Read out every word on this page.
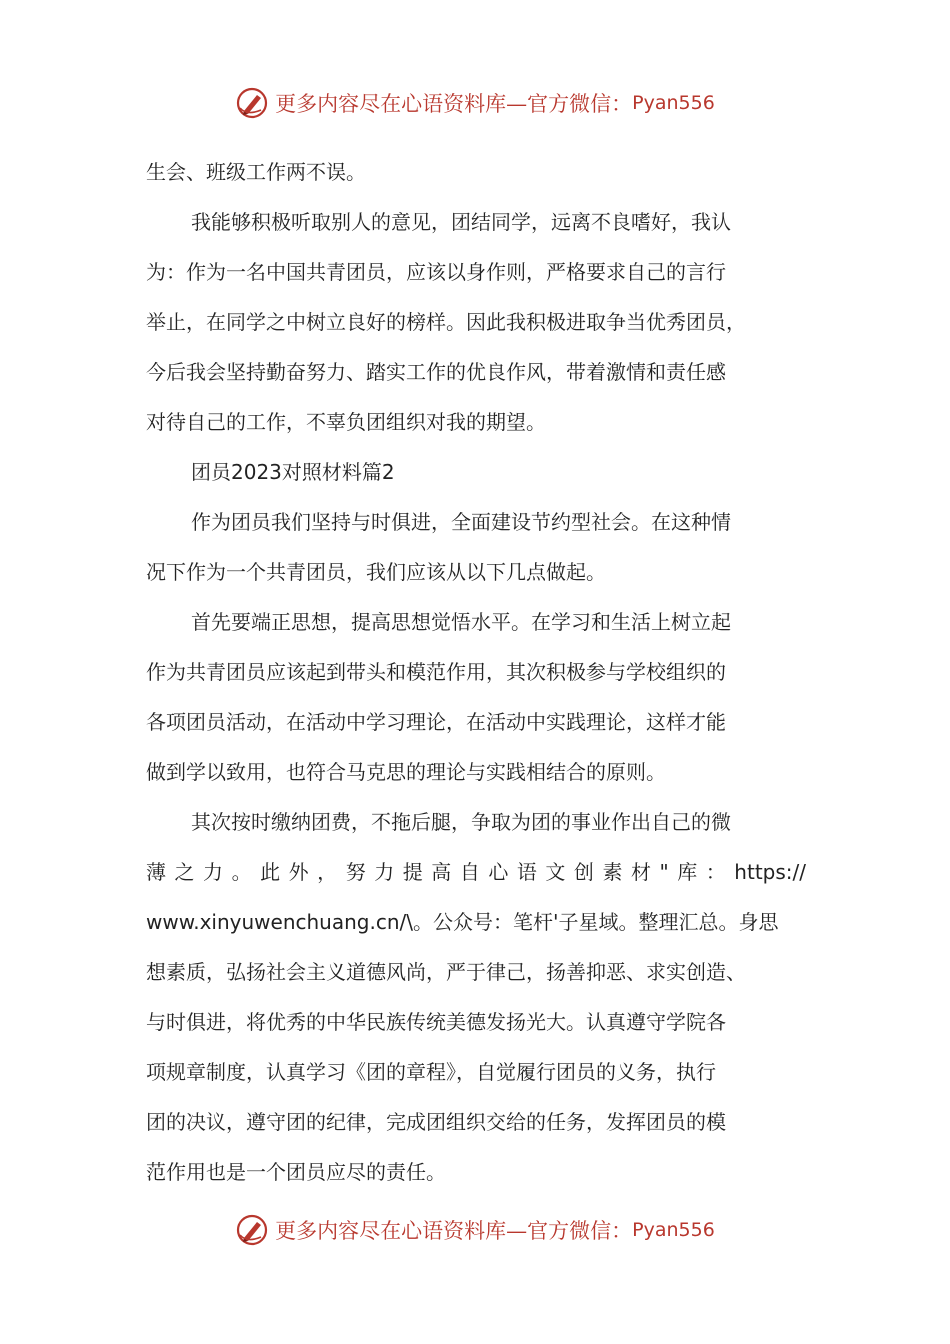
更多内容尽在心语资料库—官方微信： Pyan556
生会、班级工作两不误。
我能够积极听取别人的意见，团结同学，远离不良嗜好，我认
为：作为一名中国共青团员，应该以身作则，严格要求自己的言行
举止，在同学之中树立良好的榜样。因此我积极进取争当优秀团员，
今后我会坚持勤奋努力、踏实工作的优良作风，带着激情和责任感
对待自己的工作，不辜负团组织对我的期望。
团员2023对照材料篇2
作为团员我们坚持与时俱进，全面建设节约型社会。在这种情
况下作为一个共青团员，我们应该从以下几点做起。
首先要端正思想，提高思想觉悟水平。在学习和生活上树立起
作为共青团员应该起到带头和模范作用，其次积极参与学校组织的
各项团员活动，在活动中学习理论，在活动中实践理论，这样才能
做到学以致用，也符合马克思的理论与实践相结合的原则。
其次按时缴纳团费，不拖后腿，争取为团的事业作出自己的微
薄之力。此外，努力提高自心语文创素材"库：https://
www.xinyuwenchuang.cn/\。公众号：笔杆'子星域。整理汇总。身思
想素质，弘扬社会主义道德风尚，严于律己，扬善抑恶、求实创造、
与时俱进，将优秀的中华民族传统美德发扬光大。认真遵守学院各
项规章制度，认真学习《团的章程》，自觉履行团员的义务，执行
团的决议，遵守团的纪律，完成团组织交给的任务，发挥团员的模
范作用也是一个团员应尽的责任。
更多内容尽在心语资料库—官方微信： Pyan556
